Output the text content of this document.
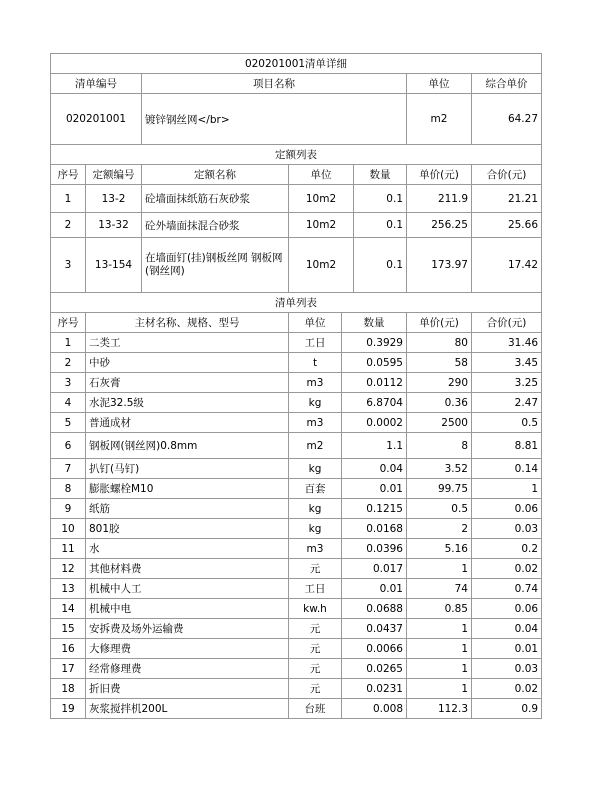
020201001清单详细			
清单编号	项目名称	单位	综合单价
020201001	镀锌钢丝网</br>	m2	64.27
定额列表						
序号	定额编号	定额名称	单位	数量	单价(元)	合价(元)
1	13-2	砼墙面抹纸筋石灰砂浆	10m2	0.1	211.9	21.21
2	13-32	砼外墙面抹混合砂浆	10m2	0.1	256.25	25.66
3	13-154	在墙面钉(挂)钢板丝网 钢板网(钢丝网)	10m2	0.1	173.97	17.42
清单列表					
序号	主材名称、规格、型号	单位	数量	单价(元)	合价(元)
1	二类工	工日	0.3929	80	31.46
2	中砂	t	0.0595	58	3.45
3	石灰膏	m3	0.0112	290	3.25
4	水泥32.5级	kg	6.8704	0.36	2.47
5	普通成材	m3	0.0002	2500	0.5
6	钢板网(钢丝网)0.8mm	m2	1.1	8	8.81
7	扒钉(马钉)	kg	0.04	3.52	0.14
8	膨胀螺栓M10	百套	0.01	99.75	1
9	纸筋	kg	0.1215	0.5	0.06
10	801胶	kg	0.0168	2	0.03
11	水	m3	0.0396	5.16	0.2
12	其他材料费	元	0.017	1	0.02
13	机械中人工	工日	0.01	74	0.74
14	机械中电	kw.h	0.0688	0.85	0.06
15	安拆费及场外运输费	元	0.0437	1	0.04
16	大修理费	元	0.0066	1	0.01
17	经常修理费	元	0.0265	1	0.03
18	折旧费	元	0.0231	1	0.02
19	灰浆搅拌机200L	台班	0.008	112.3	0.9
